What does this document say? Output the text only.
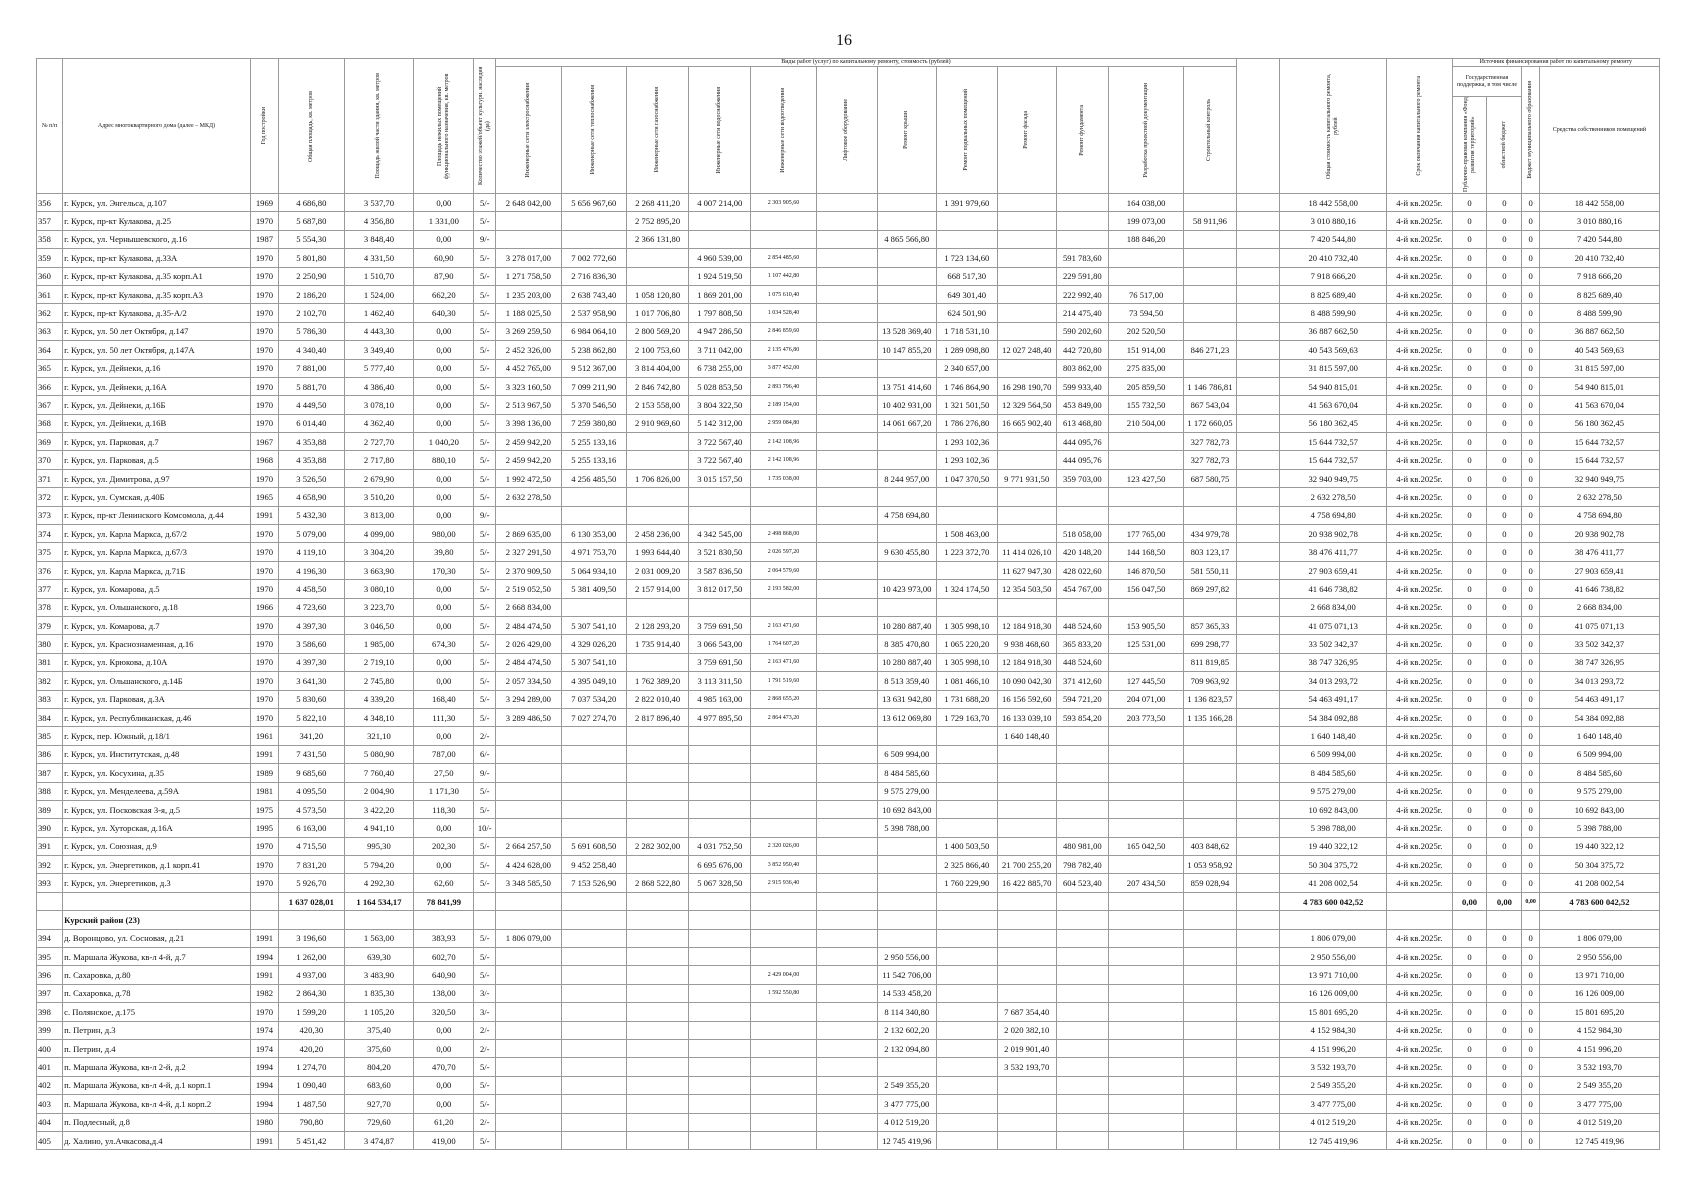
16
№ п/п	Адрес многоквартирного дома (далее – МКД)	Год постройки	Общая площадь, кв. метров	Площадь жилой части здания, кв. метров	Площадь нежилых помещений функционального назначения, кв. метров	Количество этажей/объект культурн. наследия (да)	Виды работ (услуг) по капитальному ремонту, стоимость (рублей)													Общая стоимость капитального ремонта, рублей	Срок окончания капитального ремонта	Источник финансирования работ по капитальному ремонту			

							Инженерные сети электроснабжения	Инженерные сети теплоснабжения	Инженерные сети газоснабжения	Инженерные сети водоснабжения	Инженерные сети водоотведения	Лифтовое оборудование	Ремонт крыши	Ремонт подвальных помещений	Ремонт фасада	Ремонт фундамента	Разработка проектной документации	Строительный контроль				Государственная поддержка, в том числе		Бюджет муниципального образования	Средства собственников помещений

																						Публично-правовая компания «Фонд развития территорий»	областной бюджет		

356	г. Курск, ул. Энгельса, д.107	1969	4 686,80	3 537,70	0,00	5/-	2 648 042,00	5 656 967,60	2 268 411,20	4 007 214,00	2 303 905,60			1 391 979,60			164 038,00			18 442 558,00	4-й кв.2025г.	0	0	0	18 442 558,00
357	г. Курск, пр-кт Кулакова, д.25	1970	5 687,80	4 356,80	1 331,00	5/-			2 752 895,20								199 073,00	58 911,96		3 010 880,16	4-й кв.2025г.	0	0	0	3 010 880,16
358	г. Курск, ул. Чернышевского, д.16	1987	5 554,30	3 848,40	0,00	9/-			2 366 131,80				4 865 566,80				188 846,20			7 420 544,80	4-й кв.2025г.	0	0	0	7 420 544,80
359	г. Курск, пр-кт Кулакова, д.33А	1970	5 801,80	4 331,50	60,90	5/-	3 278 017,00	7 002 772,60		4 960 539,00	2 854 485,60			1 723 134,60		591 783,60				20 410 732,40	4-й кв.2025г.	0	0	0	20 410 732,40
360	г. Курск, пр-кт Кулакова, д.35 корп.А1	1970	2 250,90	1 510,70	87,90	5/-	1 271 758,50	2 716 836,30		1 924 519,50	1 107 442,80			668 517,30		229 591,80				7 918 666,20	4-й кв.2025г.	0	0	0	7 918 666,20
361	г. Курск, пр-кт Кулакова, д.35 корп.А3	1970	2 186,20	1 524,00	662,20	5/-	1 235 203,00	2 638 743,40	1 058 120,80	1 869 201,00	1 075 610,40			649 301,40		222 992,40	76 517,00			8 825 689,40	4-й кв.2025г.	0	0	0	8 825 689,40
362	г. Курск, пр-кт Кулакова, д.35-А/2	1970	2 102,70	1 462,40	640,30	5/-	1 188 025,50	2 537 958,90	1 017 706,80	1 797 808,50	1 034 528,40			624 501,90		214 475,40	73 594,50			8 488 599,90	4-й кв.2025г.	0	0	0	8 488 599,90
363	г. Курск, ул. 50 лет Октября, д.147	1970	5 786,30	4 443,30	0,00	5/-	3 269 259,50	6 984 064,10	2 800 569,20	4 947 286,50	2 846 859,60		13 528 369,40	1 718 531,10		590 202,60	202 520,50			36 887 662,50	4-й кв.2025г.	0	0	0	36 887 662,50
364	г. Курск, ул. 50 лет Октября, д.147А	1970	4 340,40	3 349,40	0,00	5/-	2 452 326,00	5 238 862,80	2 100 753,60	3 711 042,00	2 135 476,80		10 147 855,20	1 289 098,80	12 027 248,40	442 720,80	151 914,00	846 271,23		40 543 569,63	4-й кв.2025г.	0	0	0	40 543 569,63
365	г. Курск, ул. Дейнеки, д.16	1970	7 881,00	5 777,40	0,00	5/-	4 452 765,00	9 512 367,00	3 814 404,00	6 738 255,00	3 877 452,00			2 340 657,00		803 862,00	275 835,00			31 815 597,00	4-й кв.2025г.	0	0	0	31 815 597,00
366	г. Курск, ул. Дейнеки, д.16А	1970	5 881,70	4 386,40	0,00	5/-	3 323 160,50	7 099 211,90	2 846 742,80	5 028 853,50	2 893 796,40		13 751 414,60	1 746 864,90	16 298 190,70	599 933,40	205 859,50	1 146 786,81		54 940 815,01	4-й кв.2025г.	0	0	0	54 940 815,01
367	г. Курск, ул. Дейнеки, д.16Б	1970	4 449,50	3 078,10	0,00	5/-	2 513 967,50	5 370 546,50	2 153 558,00	3 804 322,50	2 189 154,00		10 402 931,00	1 321 501,50	12 329 564,50	453 849,00	155 732,50	867 543,04		41 563 670,04	4-й кв.2025г.	0	0	0	41 563 670,04
368	г. Курск, ул. Дейнеки, д.16В	1970	6 014,40	4 362,40	0,00	5/-	3 398 136,00	7 259 380,80	2 910 969,60	5 142 312,00	2 959 084,80		14 061 667,20	1 786 276,80	16 665 902,40	613 468,80	210 504,00	1 172 660,05		56 180 362,45	4-й кв.2025г.	0	0	0	56 180 362,45
369	г. Курск, ул. Парковая, д.7	1967	4 353,88	2 727,70	1 040,20	5/-	2 459 942,20	5 255 133,16		3 722 567,40	2 142 108,96			1 293 102,36		444 095,76		327 782,73		15 644 732,57	4-й кв.2025г.	0	0	0	15 644 732,57
370	г. Курск, ул. Парковая, д.5	1968	4 353,88	2 717,80	880,10	5/-	2 459 942,20	5 255 133,16		3 722 567,40	2 142 108,96			1 293 102,36		444 095,76		327 782,73		15 644 732,57	4-й кв.2025г.	0	0	0	15 644 732,57
371	г. Курск, ул. Димитрова, д.97	1970	3 526,50	2 679,90	0,00	5/-	1 992 472,50	4 256 485,50	1 706 826,00	3 015 157,50	1 735 038,00		8 244 957,00	1 047 370,50	9 771 931,50	359 703,00	123 427,50	687 580,75		32 940 949,75	4-й кв.2025г.	0	0	0	32 940 949,75
372	г. Курск, ул. Сумская, д.40Б	1965	4 658,90	3 510,20	0,00	5/-	2 632 278,50													2 632 278,50	4-й кв.2025г.	0	0	0	2 632 278,50
373	г. Курск, пр-кт Ленинского Комсомола, д.44	1991	5 432,30	3 813,00	0,00	9/-							4 758 694,80							4 758 694,80	4-й кв.2025г.	0	0	0	4 758 694,80
374	г. Курск, ул. Карла Маркса, д.67/2	1970	5 079,00	4 099,00	980,00	5/-	2 869 635,00	6 130 353,00	2 458 236,00	4 342 545,00	2 498 868,00			1 508 463,00		518 058,00	177 765,00	434 979,78		20 938 902,78	4-й кв.2025г.	0	0	0	20 938 902,78
375	г. Курск, ул. Карла Маркса, д.67/3	1970	4 119,10	3 304,20	39,80	5/-	2 327 291,50	4 971 753,70	1 993 644,40	3 521 830,50	2 026 597,20		9 630 455,80	1 223 372,70	11 414 026,10	420 148,20	144 168,50	803 123,17		38 476 411,77	4-й кв.2025г.	0	0	0	38 476 411,77
376	г. Курск, ул. Карла Маркса, д.71Б	1970	4 196,30	3 663,90	170,30	5/-	2 370 909,50	5 064 934,10	2 031 009,20	3 587 836,50	2 064 579,60				11 627 947,30	428 022,60	146 870,50	581 550,11		27 903 659,41	4-й кв.2025г.	0	0	0	27 903 659,41
377	г. Курск, ул. Комарова, д.5	1970	4 458,50	3 080,10	0,00	5/-	2 519 052,50	5 381 409,50	2 157 914,00	3 812 017,50	2 193 582,00		10 423 973,00	1 324 174,50	12 354 503,50	454 767,00	156 047,50	869 297,82		41 646 738,82	4-й кв.2025г.	0	0	0	41 646 738,82
378	г. Курск, ул. Ольшанского, д.18	1966	4 723,60	3 223,70	0,00	5/-	2 668 834,00													2 668 834,00	4-й кв.2025г.	0	0	0	2 668 834,00
379	г. Курск, ул. Комарова, д.7	1970	4 397,30	3 046,50	0,00	5/-	2 484 474,50	5 307 541,10	2 128 293,20	3 759 691,50	2 163 471,60		10 280 887,40	1 305 998,10	12 184 918,30	448 524,60	153 905,50	857 365,33		41 075 071,13	4-й кв.2025г.	0	0	0	41 075 071,13
380	г. Курск, ул. Краснознаменная, д.16	1970	3 586,60	1 985,00	674,30	5/-	2 026 429,00	4 329 026,20	1 735 914,40	3 066 543,00	1 764 607,20		8 385 470,80	1 065 220,20	9 938 468,60	365 833,20	125 531,00	699 298,77		33 502 342,37	4-й кв.2025г.	0	0	0	33 502 342,37
381	г. Курск, ул. Крюкова, д.10А	1970	4 397,30	2 719,10	0,00	5/-	2 484 474,50	5 307 541,10		3 759 691,50	2 163 471,60		10 280 887,40	1 305 998,10	12 184 918,30	448 524,60		811 819,85		38 747 326,95	4-й кв.2025г.	0	0	0	38 747 326,95
382	г. Курск, ул. Ольшанского, д.14Б	1970	3 641,30	2 745,80	0,00	5/-	2 057 334,50	4 395 049,10	1 762 389,20	3 113 311,50	1 791 519,60		8 513 359,40	1 081 466,10	10 090 042,30	371 412,60	127 445,50	709 963,92		34 013 293,72	4-й кв.2025г.	0	0	0	34 013 293,72
383	г. Курск, ул. Парковая, д.3А	1970	5 830,60	4 339,20	168,40	5/-	3 294 289,00	7 037 534,20	2 822 010,40	4 985 163,00	2 868 655,20		13 631 942,80	1 731 688,20	16 156 592,60	594 721,20	204 071,00	1 136 823,57		54 463 491,17	4-й кв.2025г.	0	0	0	54 463 491,17
384	г. Курск, ул. Республиканская, д.46	1970	5 822,10	4 348,10	111,30	5/-	3 289 486,50	7 027 274,70	2 817 896,40	4 977 895,50	2 864 473,20		13 612 069,80	1 729 163,70	16 133 039,10	593 854,20	203 773,50	1 135 166,28		54 384 092,88	4-й кв.2025г.	0	0	0	54 384 092,88
385	г. Курск, пер. Южный, д.18/1	1961	341,20	321,10	0,00	2/-									1 640 148,40					1 640 148,40	4-й кв.2025г.	0	0	0	1 640 148,40
386	г. Курск, ул. Институтская, д.48	1991	7 431,50	5 080,90	787,00	6/-							6 509 994,00							6 509 994,00	4-й кв.2025г.	0	0	0	6 509 994,00
387	г. Курск, ул. Косухина, д.35	1989	9 685,60	7 760,40	27,50	9/-							8 484 585,60							8 484 585,60	4-й кв.2025г.	0	0	0	8 484 585,60
388	г. Курск, ул. Менделеева, д.59А	1981	4 095,50	2 004,90	1 171,30	5/-							9 575 279,00							9 575 279,00	4-й кв.2025г.	0	0	0	9 575 279,00
389	г. Курск, ул. Посковская 3-я, д.5	1975	4 573,50	3 422,20	118,30	5/-							10 692 843,00							10 692 843,00	4-й кв.2025г.	0	0	0	10 692 843,00
390	г. Курск, ул. Хуторская, д.16А	1995	6 163,00	4 941,10	0,00	10/-							5 398 788,00							5 398 788,00	4-й кв.2025г.	0	0	0	5 398 788,00
391	г. Курск, ул. Союзная, д.9	1970	4 715,50	995,30	202,30	5/-	2 664 257,50	5 691 608,50	2 282 302,00	4 031 752,50	2 320 026,00			1 400 503,50		480 981,00	165 042,50	403 848,62		19 440 322,12	4-й кв.2025г.	0	0	0	19 440 322,12
392	г. Курск, ул. Энергетиков, д.1 корп.41	1970	7 831,20	5 794,20	0,00	5/-	4 424 628,00	9 452 258,40		6 695 676,00	3 852 950,40			2 325 866,40	21 700 255,20	798 782,40		1 053 958,92		50 304 375,72	4-й кв.2025г.	0	0	0	50 304 375,72
393	г. Курск, ул. Энергетиков, д.3	1970	5 926,70	4 292,30	62,60	5/-	3 348 585,50	7 153 526,90	2 868 522,80	5 067 328,50	2 915 936,40			1 760 229,90	16 422 885,70	604 523,40	207 434,50	859 028,94		41 208 002,54	4-й кв.2025г.	0	0	0	41 208 002,54
			1 637 028,01	1 164 534,17	78 841,99															4 783 600 042,52		0,00	0,00	0,00	4 783 600 042,52
	Курский район (23)																								
394	д. Воронцово, ул. Сосновая, д.21	1991	3 196,60	1 563,00	383,93	5/-	1 806 079,00													1 806 079,00	4-й кв.2025г.	0	0	0	1 806 079,00
395	п. Маршала Жукова, кв-л 4-й, д.7	1994	1 262,00	639,30	602,70	5/-							2 950 556,00							2 950 556,00	4-й кв.2025г.	0	0	0	2 950 556,00
396	п. Сахаровка, д.80	1991	4 937,00	3 483,90	640,90	5/-					2 429 004,00		11 542 706,00							13 971 710,00	4-й кв.2025г.	0	0	0	13 971 710,00
397	п. Сахаровка, д.78	1982	2 864,30	1 835,30	138,00	3/-					1 592 550,80		14 533 458,20							16 126 009,00	4-й кв.2025г.	0	0	0	16 126 009,00
398	с. Полянское, д.175	1970	1 599,20	1 105,20	320,50	3/-							8 114 340,80		7 687 354,40					15 801 695,20	4-й кв.2025г.	0	0	0	15 801 695,20
399	п. Петрин, д.3	1974	420,30	375,40	0,00	2/-							2 132 602,20		2 020 382,10					4 152 984,30	4-й кв.2025г.	0	0	0	4 152 984,30
400	п. Петрин, д.4	1974	420,20	375,60	0,00	2/-							2 132 094,80		2 019 901,40					4 151 996,20	4-й кв.2025г.	0	0	0	4 151 996,20
401	п. Маршала Жукова, кв-л 2-й, д.2	1994	1 274,70	804,20	470,70	5/-									3 532 193,70					3 532 193,70	4-й кв.2025г.	0	0	0	3 532 193,70
402	п. Маршала Жукова, кв-л 4-й, д.1 корп.1	1994	1 090,40	683,60	0,00	5/-							2 549 355,20							2 549 355,20	4-й кв.2025г.	0	0	0	2 549 355,20
403	п. Маршала Жукова, кв-л 4-й, д.1 корп.2	1994	1 487,50	927,70	0,00	5/-							3 477 775,00							3 477 775,00	4-й кв.2025г.	0	0	0	3 477 775,00
404	п. Подлесный, д.8	1980	790,80	729,60	61,20	2/-							4 012 519,20							4 012 519,20	4-й кв.2025г.	0	0	0	4 012 519,20
405	д. Халино, ул.Ачкасова,д.4	1991	5 451,42	3 474,87	419,00	5/-							12 745 419,96							12 745 419,96	4-й кв.2025г.	0	0	0	12 745 419,96
